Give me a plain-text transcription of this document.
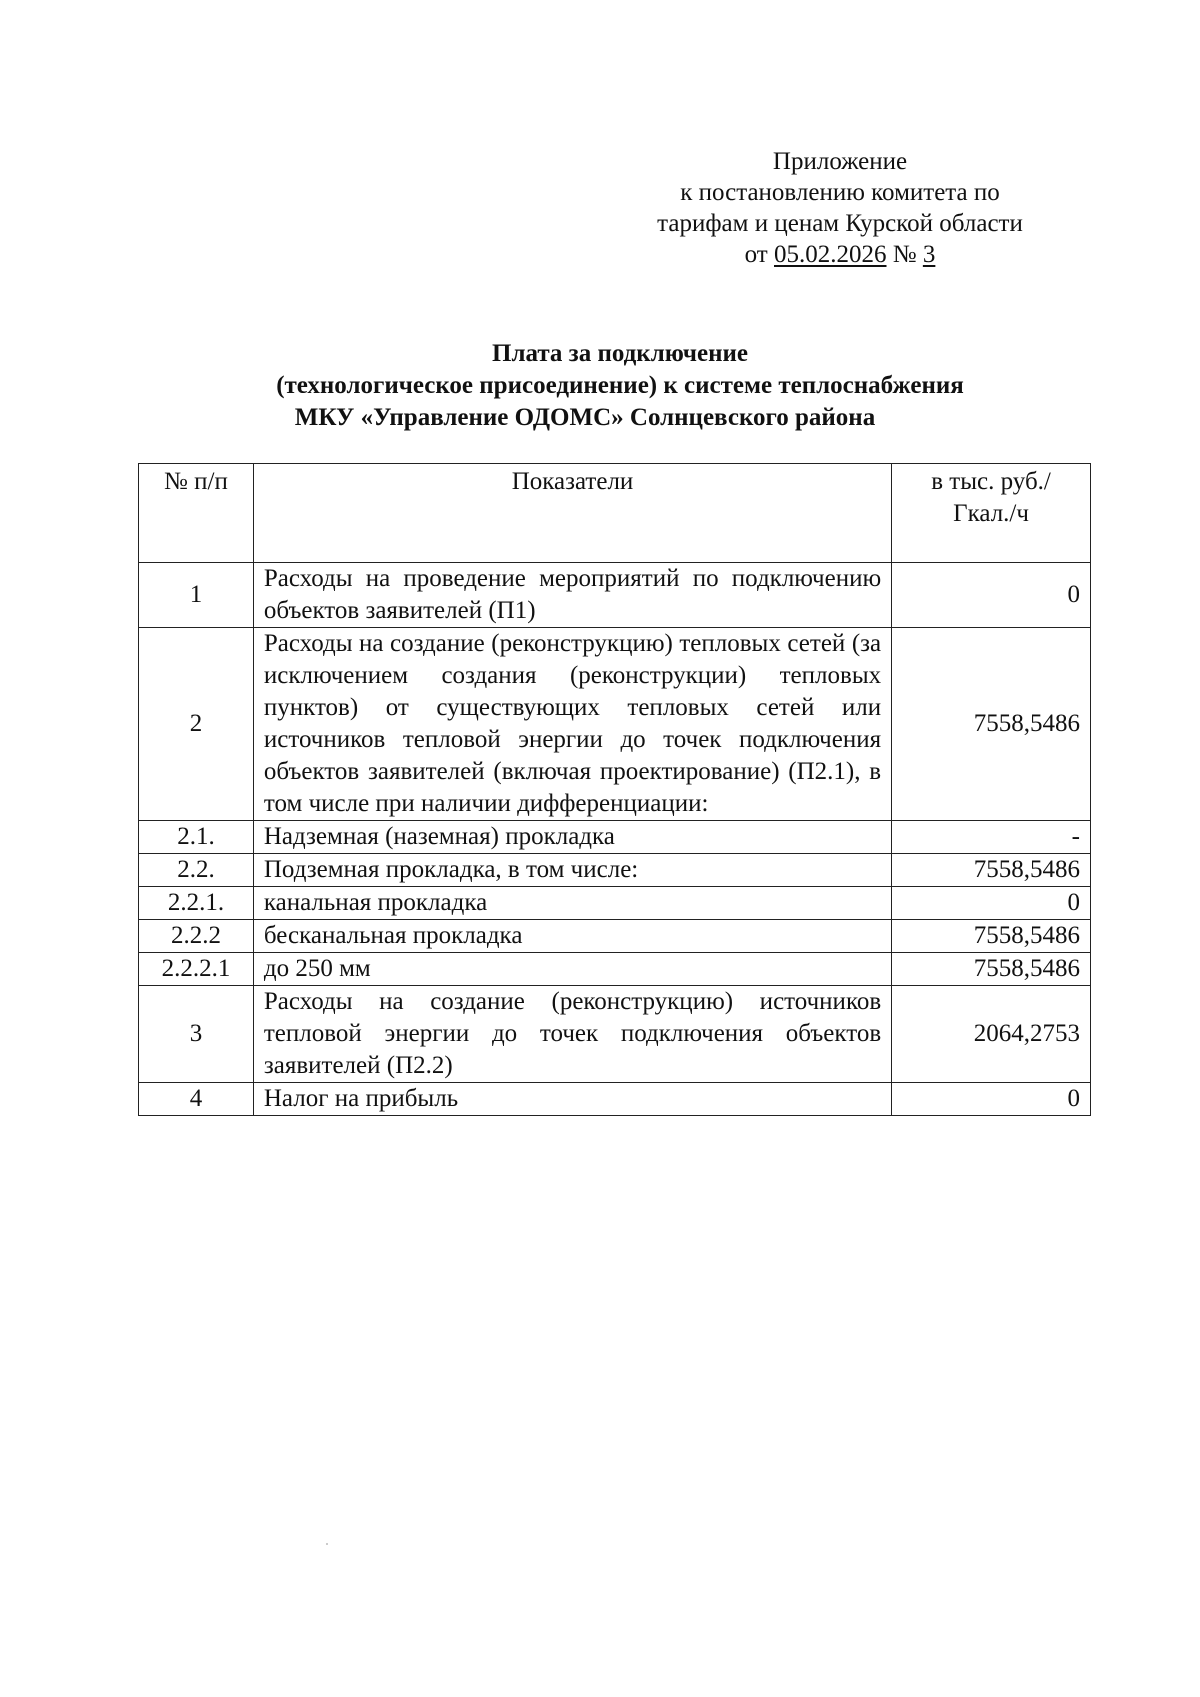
Приложение
к постановлению комитета по
тарифам и ценам Курской области
от 05.02.2026 № 3
Плата за подключение
(технологическое присоединение) к системе теплоснабжения
МКУ «Управление ОДОМС» Солнцевского района
№ п/п	Показатели	в тыс. руб./Гкал./ч
1	Расходы на проведение мероприятий по подключению объектов заявителей (П1)	0
2	Расходы на создание (реконструкцию) тепловых сетей (за исключением создания (реконструкции) тепловых пунктов) от существующих тепловых сетей или источников тепловой энергии до точек подключения объектов заявителей (включая проектирование) (П2.1), в том числе при наличии дифференциации:	7558,5486
2.1.	Надземная (наземная) прокладка	-
2.2.	Подземная прокладка, в том числе:	7558,5486
2.2.1.	канальная прокладка	0
2.2.2	бесканальная прокладка	7558,5486
2.2.2.1	до 250 мм	7558,5486
3	Расходы на создание (реконструкцию) источников тепловой энергии до точек подключения объектов заявителей (П2.2)	2064,2753
4	Налог на прибыль	0
